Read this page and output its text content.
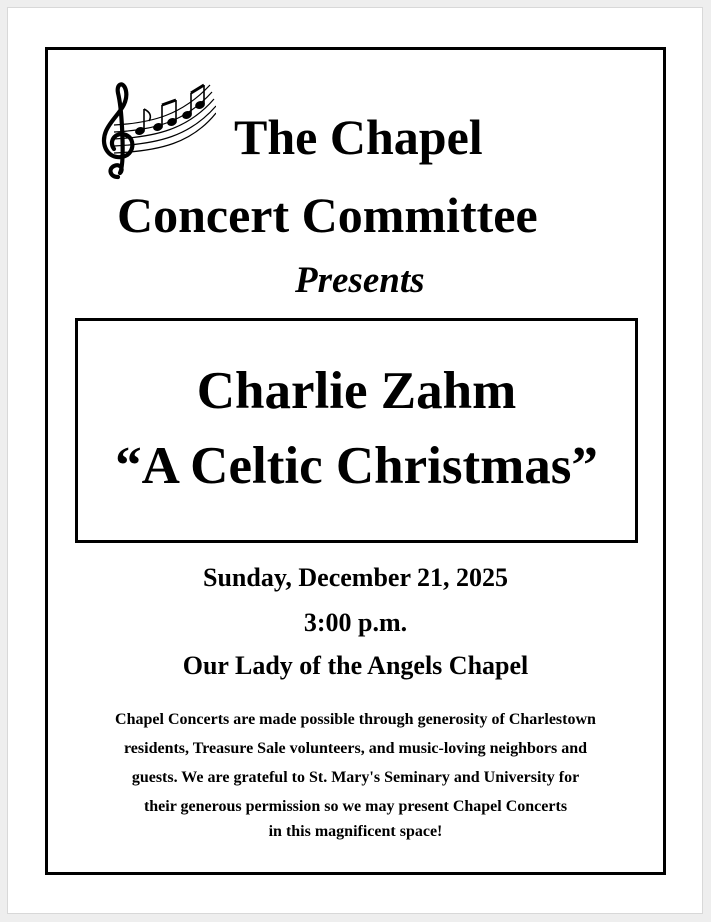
The Chapel
Concert Committee
Presents
Charlie Zahm
“A Celtic Christmas”
Sunday, December 21, 2025
3:00 p.m.
Our Lady of the Angels Chapel
Chapel Concerts are made possible through generosity of Charlestown
residents, Treasure Sale volunteers, and music-loving neighbors and
guests. We are grateful to St. Mary's Seminary and University for
their generous permission so we may present Chapel Concerts
in this magnificent space!
